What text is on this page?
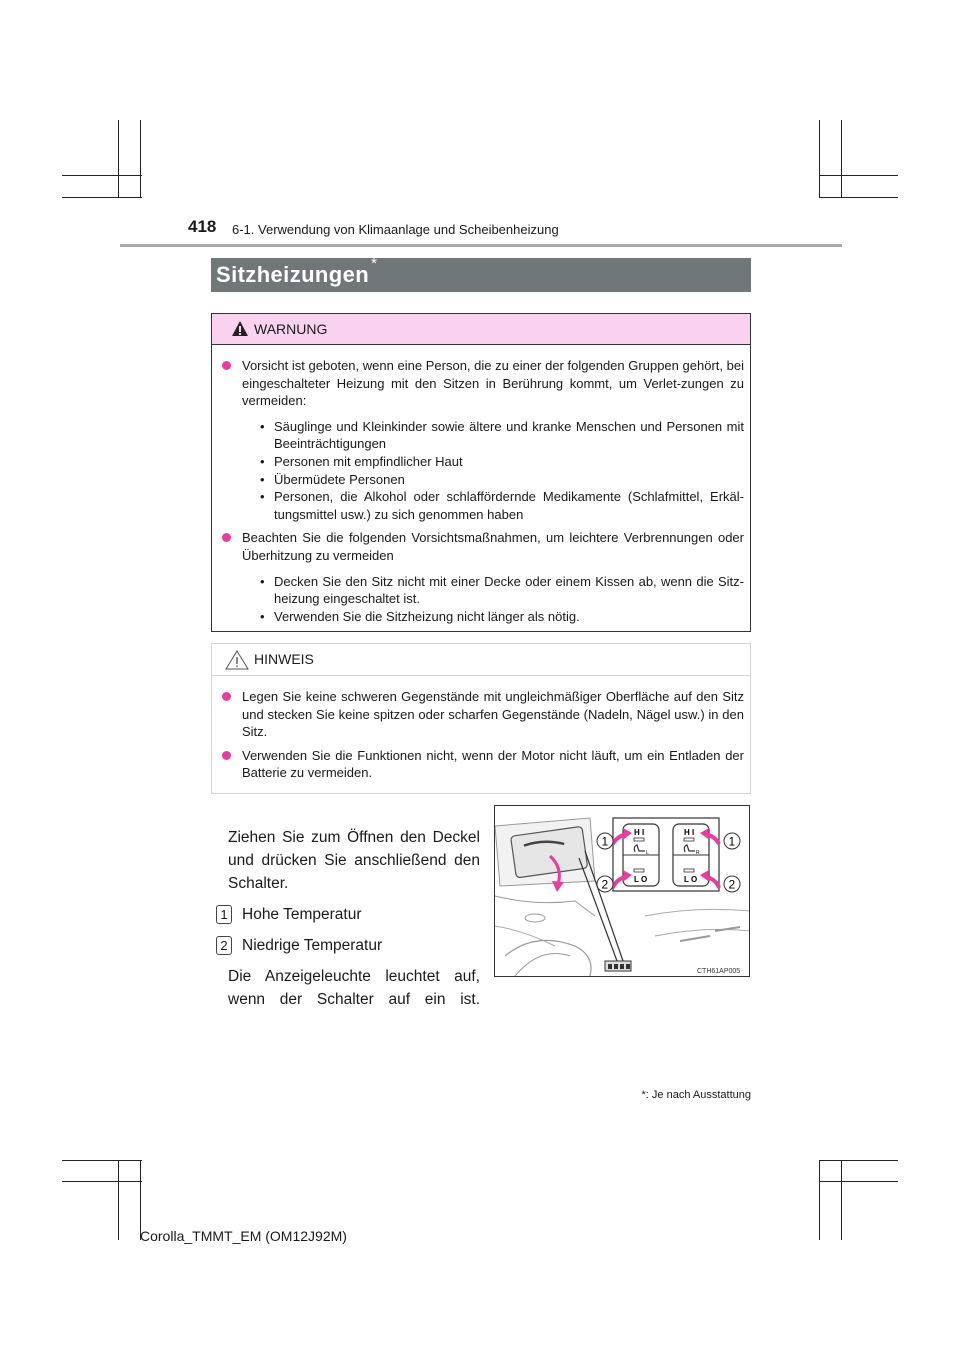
418 6-1. Verwendung von Klimaanlage und Scheibenheizung
Sitzheizungen *
WARNUNG
Vorsicht ist geboten, wenn eine Person, die zu einer der folgenden Gruppen gehört, bei eingeschalteter Heizung mit den Sitzen in Berührung kommt, um Verlet-zungen zu vermeiden:
• Säuglinge und Kleinkinder sowie ältere und kranke Menschen und Personen mit Beeinträchtigungen
• Personen mit empfindlicher Haut
• Übermüdete Personen
• Personen, die Alkohol oder schlaffördernde Medikamente (Schlafmittel, Erkäl-tungsmittel usw.) zu sich genommen haben
Beachten Sie die folgenden Vorsichtsmaßnahmen, um leichtere Verbrennungen oder Überhitzung zu vermeiden
• Decken Sie den Sitz nicht mit einer Decke oder einem Kissen ab, wenn die Sitz-heizung eingeschaltet ist.
• Verwenden Sie die Sitzheizung nicht länger als nötig.
HINWEIS
Legen Sie keine schweren Gegenstände mit ungleichmäßiger Oberfläche auf den Sitz und stecken Sie keine spitzen oder scharfen Gegenstände (Nadeln, Nägel usw.) in den Sitz.
Verwenden Sie die Funktionen nicht, wenn der Motor nicht läuft, um ein Entladen der Batterie zu vermeiden.
Ziehen Sie zum Öffnen den Deckel und drücken Sie anschließend den Schalter.
1 Hohe Temperatur
2 Niedrige Temperatur
Die Anzeigeleuchte leuchtet auf, wenn der Schalter auf ein ist.
H I
L
L O
H I
R
L O
1
2
1
2
CTH61AP005
*: Je nach Ausstattung
Corolla_TMMT_EM (OM12J92M)
